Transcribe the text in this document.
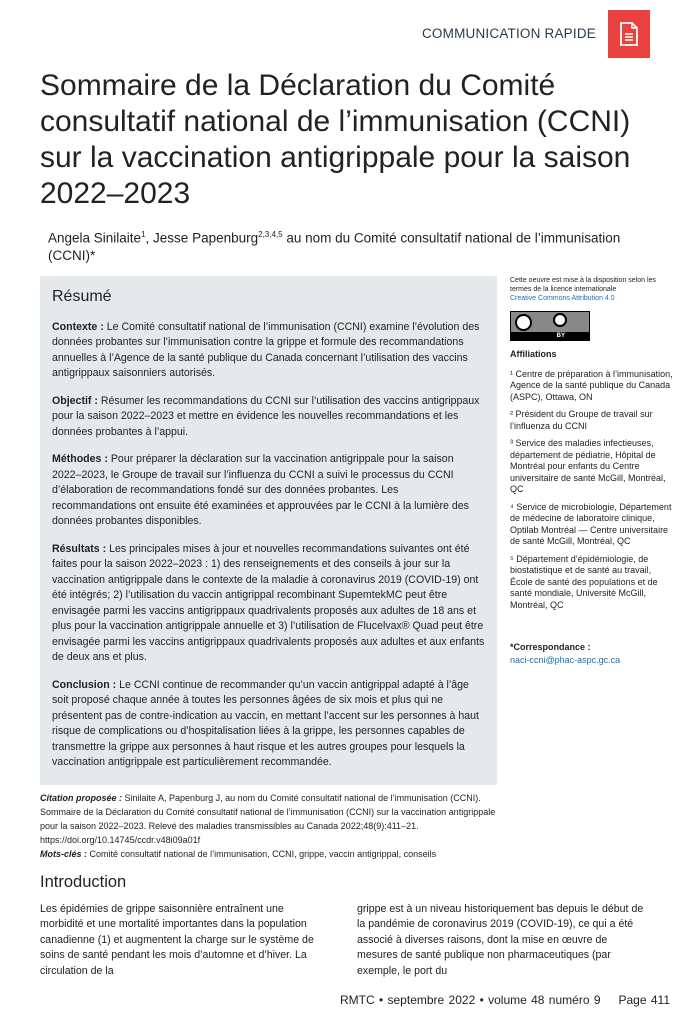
COMMUNICATION RAPIDE
Sommaire de la Déclaration du Comité consultatif national de l’immunisation (CCNI) sur la vaccination antigrippale pour la saison 2022–2023
Angela Sinilaite$^1$, Jesse Papenburg$^{2,3,4,5}$ au nom du Comité consultatif national de l’immunisation (CCNI)*
Résumé

Contexte : Le Comité consultatif national de l’immunisation (CCNI) examine l’évolution des données probantes sur l’immunisation contre la grippe et formule des recommandations annuelles à l’Agence de la santé publique du Canada concernant l’utilisation des vaccins antigrippaux saisonniers autorisés.

Objectif : Résumer les recommandations du CCNI sur l’utilisation des vaccins antigrippaux pour la saison 2022–2023 et mettre en évidence les nouvelles recommandations et les données probantes à l’appui.

Méthodes : Pour préparer la déclaration sur la vaccination antigrippale pour la saison 2022–2023, le Groupe de travail sur l’influenza du CCNI a suivi le processus du CCNI d’élaboration de recommandations fondé sur des données probantes. Les recommandations ont ensuite été examinées et approuvées par le CCNI à la lumière des données probantes disponibles.

Résultats : Les principales mises à jour et nouvelles recommandations suivantes ont été faites pour la saison 2022–2023 : 1) des renseignements et des conseils à jour sur la vaccination antigrippale dans le contexte de la maladie à coronavirus 2019 (COVID-19) ont été intégrés; 2) l’utilisation du vaccin antigrippal recombinant SupemtekMC peut être envisagée parmi les vaccins antigrippaux quadrivalents proposés aux adultes de 18 ans et plus pour la vaccination antigrippale annuelle et 3) l’utilisation de Flucelvax® Quad peut être envisagée parmi les vaccins antigrippaux quadrivalents proposés aux adultes et aux enfants de deux ans et plus.

Conclusion : Le CCNI continue de recommander qu’un vaccin antigrippal adapté à l’âge soit proposé chaque année à toutes les personnes âgées de six mois et plus qui ne présentent pas de contre-indication au vaccin, en mettant l’accent sur les personnes à haut risque de complications ou d’hospitalisation liées à la grippe, les personnes capables de transmettre la grippe aux personnes à haut risque et les autres groupes pour lesquels la vaccination antigrippale est particulièrement recommandée.

Cette oeuvre est mise à la disposition selon les termes de la licence internationale
Creative Commons Attribution 4.0
BY
Affiliations
¹ Centre de préparation à l’immunisation, Agence de la santé publique du Canada (ASPC), Ottawa, ON
² Président du Groupe de travail sur l’influenza du CCNI
³ Service des maladies infectieuses, département de pédiatrie, Hôpital de Montréal pour enfants du Centre universitaire de santé McGill, Montréal, QC
⁴ Service de microbiologie, Département de médecine de laboratoire clinique, Optilab Montréal — Centre universitaire de santé McGill, Montréal, QC
⁵ Département d’épidémiologie, de biostatistique et de santé au travail, École de santé des populations et de santé mondiale, Université McGill, Montréal, QC
*Correspondance :
naci-ccni@phac-aspc.gc.ca
Citation proposée : Sinilaite A, Papenburg J, au nom du Comité consultatif national de l’immunisation (CCNI). Sommaire de la Déclaration du Comité consultatif national de l’immunisation (CCNI) sur la vaccination antigrippale pour la saison 2022–2023. Relevé des maladies transmissibles au Canada 2022;48(9):411–21. https://doi.org/10.14745/ccdr.v48i09a01f
Mots-clés : Comité consultatif national de l’immunisation, CCNI, grippe, vaccin antigrippal, conseils
Introduction
Les épidémies de grippe saisonnière entraînent une morbidité et une mortalité importantes dans la population canadienne (1) et augmentent la charge sur le système de soins de santé pendant les mois d’automne et d’hiver. La circulation de la
grippe est à un niveau historiquement bas depuis le début de la pandémie de coronavirus 2019 (COVID-19), ce qui a été associé à diverses raisons, dont la mise en œuvre de mesures de santé publique non pharmaceutiques (par exemple, le port du
RMTC • septembre 2022 • volume 48 numéro 9 Page 411
